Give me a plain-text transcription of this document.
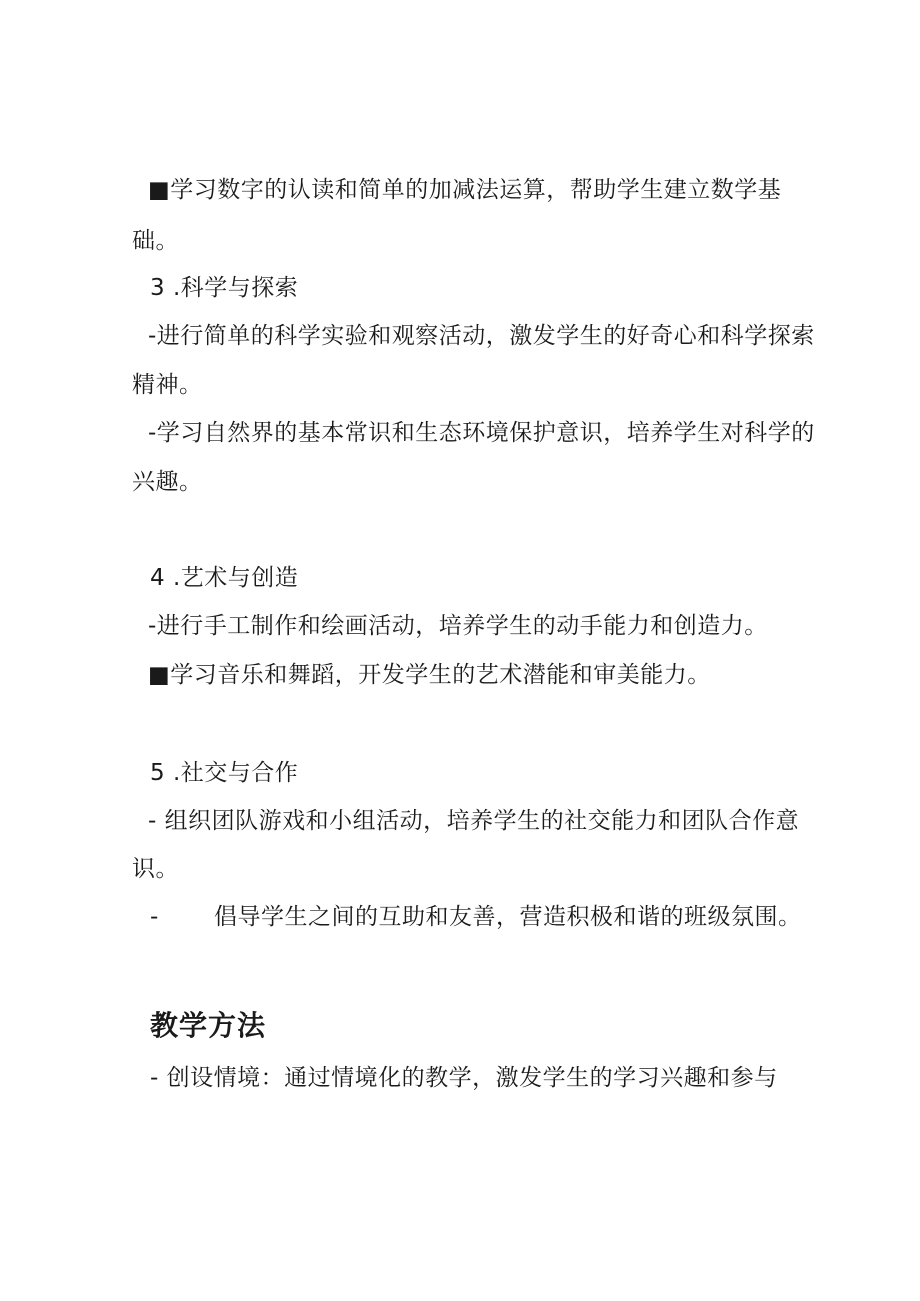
■学习数字的认读和简单的加减法运算，帮助学生建立数学基
础。
3 .科学与探索
-进行简单的科学实验和观察活动，激发学生的好奇心和科学探索
精神。
-学习自然界的基本常识和生态环境保护意识，培养学生对科学的
兴趣。
4 .艺术与创造
-进行手工制作和绘画活动，培养学生的动手能力和创造力。
■学习音乐和舞蹈，开发学生的艺术潜能和审美能力。
5 .社交与合作
- 组织团队游戏和小组活动，培养学生的社交能力和团队合作意
识。
- 倡导学生之间的互助和友善，营造积极和谐的班级氛围。
教学方法
- 创设情境：通过情境化的教学，激发学生的学习兴趣和参与
